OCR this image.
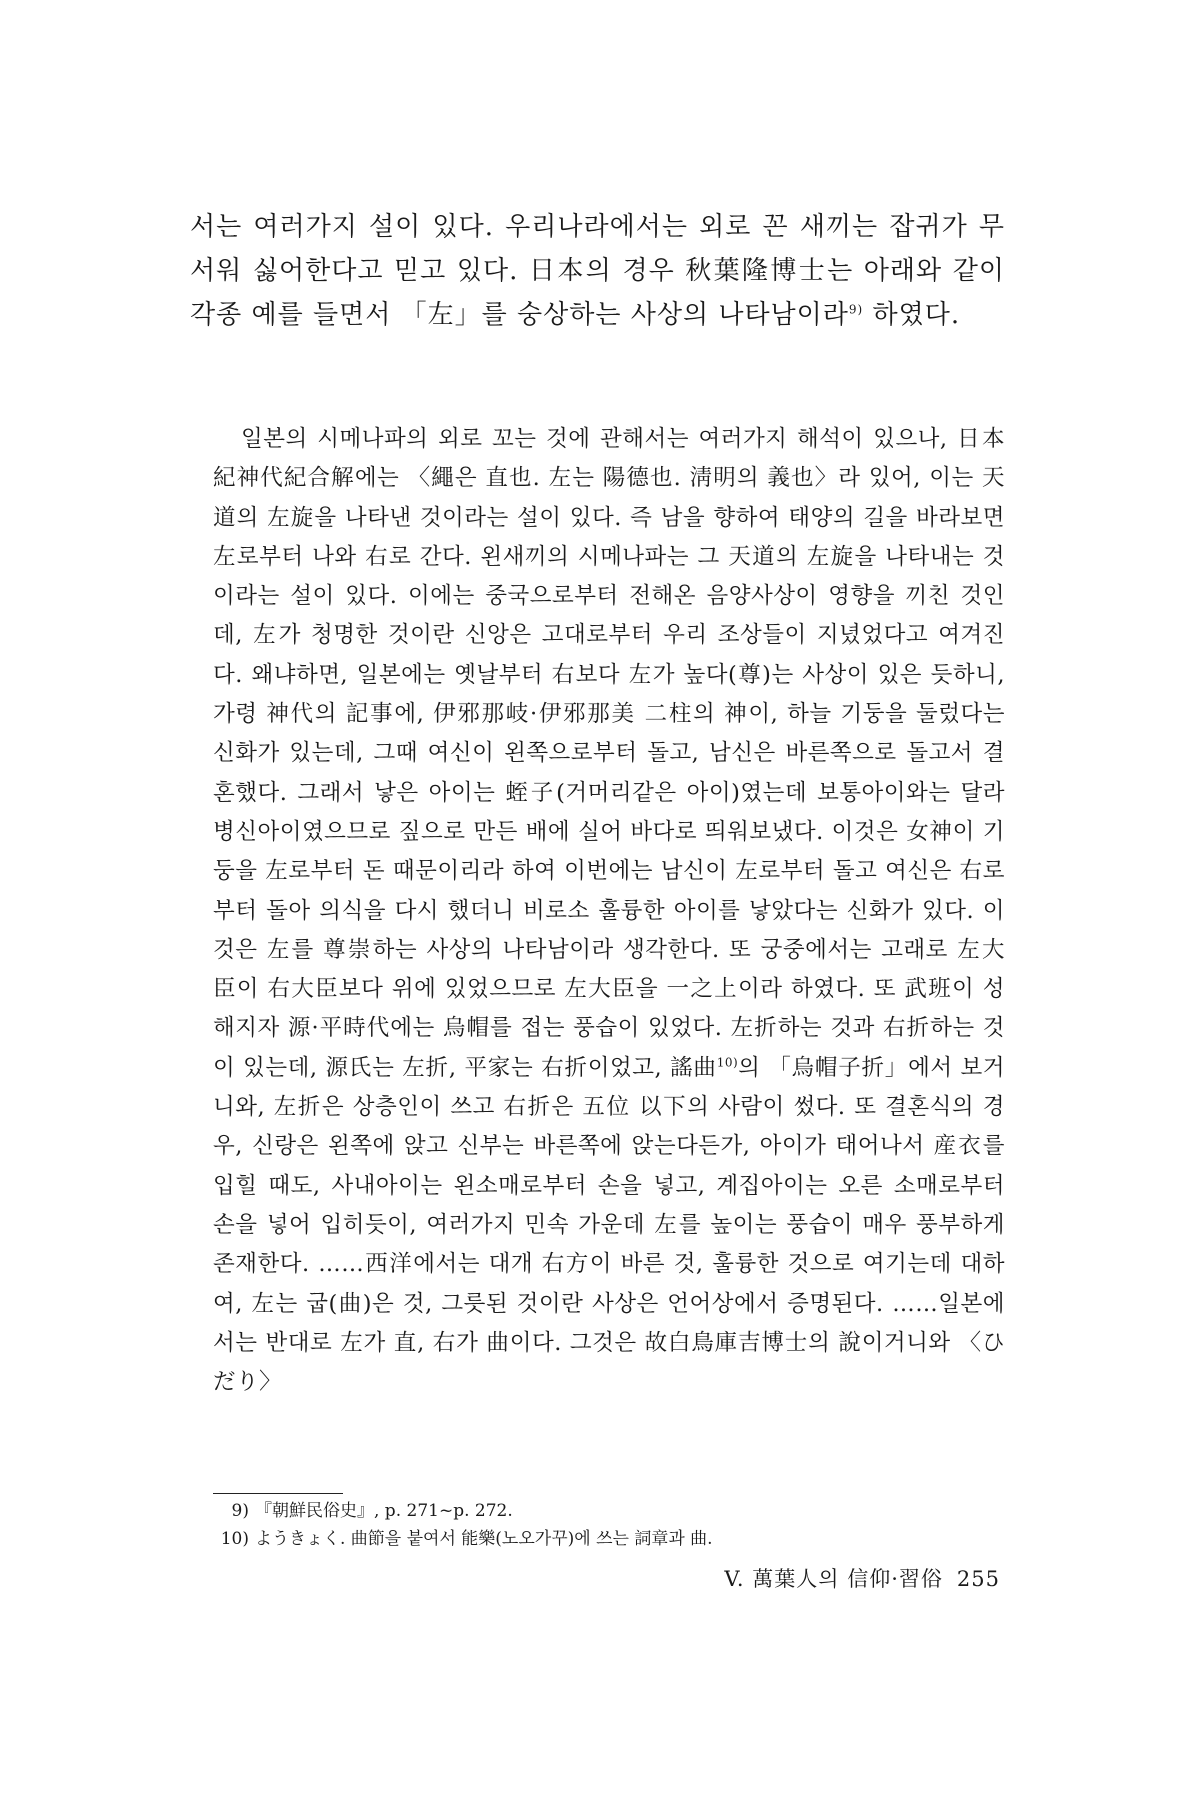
서는 여러가지 설이 있다. 우리나라에서는 외로 꼰 새끼는 잡귀가 무서워 싫어한다고 믿고 있다. 日本의 경우 秋葉隆博士는 아래와 같이 각종 예를 들면서 「左」를 숭상하는 사상의 나타남이라$^{9)}$ 하였다.

일본의 시메나파의 외로 꼬는 것에 관해서는 여러가지 해석이 있으나, 日本紀神代紀合解에는 〈繩은 直也. 左는 陽德也. 淸明의 義也〉라 있어, 이는 天道의 左旋을 나타낸 것이라는 설이 있다. 즉 남을 향하여 태양의 길을 바라보면 左로부터 나와 右로 간다. 왼새끼의 시메나파는 그 天道의 左旋을 나타내는 것이라는 설이 있다. 이에는 중국으로부터 전해온 음양사상이 영향을 끼친 것인데, 左가 청명한 것이란 신앙은 고대로부터 우리 조상들이 지녔었다고 여겨진다. 왜냐하면, 일본에는 옛날부터 右보다 左가 높다(尊)는 사상이 있은 듯하니, 가령 神代의 記事에, 伊邪那岐·伊邪那美 二柱의 神이, 하늘 기둥을 둘렀다는 신화가 있는데, 그때 여신이 왼쪽으로부터 돌고, 남신은 바른쪽으로 돌고서 결혼했다. 그래서 낳은 아이는 蛭子(거머리같은 아이)였는데 보통아이와는 달라 병신아이였으므로 짚으로 만든 배에 실어 바다로 띄워보냈다. 이것은 女神이 기둥을 左로부터 돈 때문이리라 하여 이번에는 남신이 左로부터 돌고 여신은 右로부터 돌아 의식을 다시 했더니 비로소 훌륭한 아이를 낳았다는 신화가 있다. 이것은 左를 尊崇하는 사상의 나타남이라 생각한다. 또 궁중에서는 고래로 左大臣이 右大臣보다 위에 있었으므로 左大臣을 一之上이라 하였다. 또 武班이 성해지자 源·平時代에는 烏帽를 접는 풍습이 있었다. 左折하는 것과 右折하는 것이 있는데, 源氏는 左折, 平家는 右折이었고, 謠曲$^{10)}$의 「烏帽子折」에서 보거니와, 左折은 상층인이 쓰고 右折은 五位 以下의 사람이 썼다. 또 결혼식의 경우, 신랑은 왼쪽에 앉고 신부는 바른쪽에 앉는다든가, 아이가 태어나서 産衣를 입힐 때도, 사내아이는 왼소매로부터 손을 넣고, 계집아이는 오른 소매로부터 손을 넣어 입히듯이, 여러가지 민속 가운데 左를 높이는 풍습이 매우 풍부하게 존재한다. ……西洋에서는 대개 右方이 바른 것, 훌륭한 것으로 여기는데 대하여, 左는 굽(曲)은 것, 그릇된 것이란 사상은 언어상에서 증명된다. ……일본에서는 반대로 左가 直, 右가 曲이다. 그것은 故白鳥庫吉博士의 說이거니와 〈ひだり〉

9) 『朝鮮民俗史』, p. 271~p. 272.
10) ようきょく. 曲節을 붙여서 能樂(노오가꾸)에 쓰는 詞章과 曲.
V. 萬葉人의 信仰·習俗 255
